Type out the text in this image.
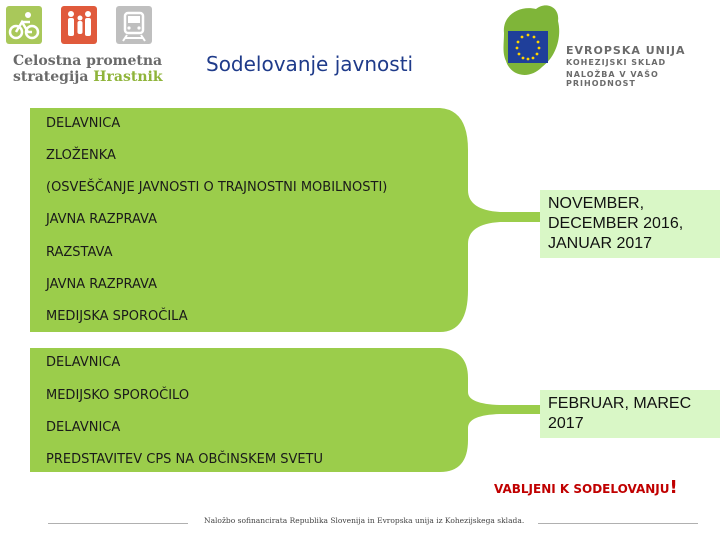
Celostna prometna
strategija Hrastnik
Sodelovanje javnosti
EVROPSKA UNIJA
KOHEZIJSKI SKLAD
NALOŽBA V VAŠO PRIHODNOST
DELAVNICA
ZLOŽENKA
(OSVEŠČANJE JAVNOSTI O TRAJNOSTNI MOBILNOSTI)
JAVNA RAZPRAVA
RAZSTAVA
JAVNA RAZPRAVA
MEDIJSKA SPOROČILA
NOVEMBER, DECEMBER 2016, JANUAR 2017
DELAVNICA
MEDIJSKO SPOROČILO
DELAVNICA
PREDSTAVITEV CPS NA OBČINSKEM SVETU
FEBRUAR, MAREC 2017
VABLJENI K SODELOVANJU!
Naložbo sofinancirata Republika Slovenija in Evropska unija iz Kohezijskega sklada.
